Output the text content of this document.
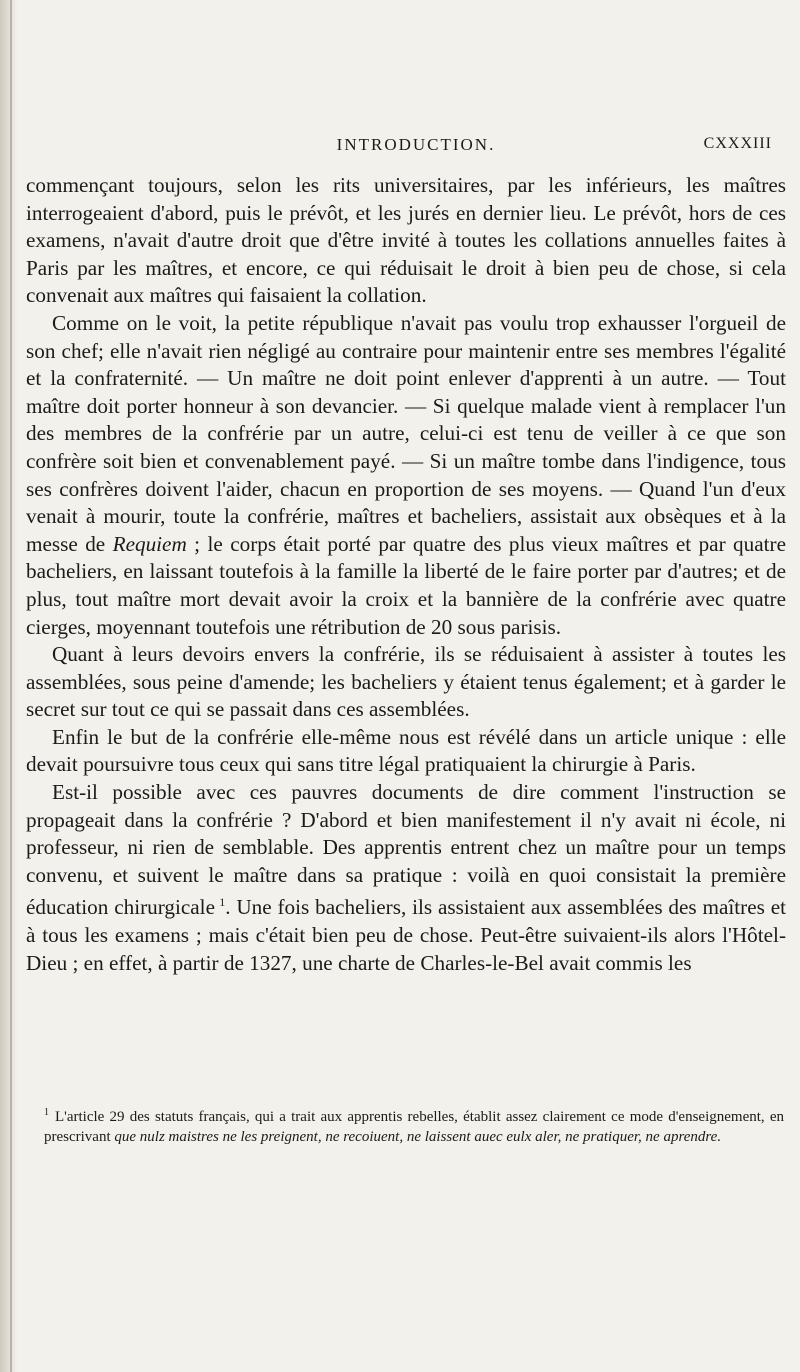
INTRODUCTION.	CXXXIII

commençant toujours, selon les rits universitaires, par les inférieurs, les maîtres interrogeaient d'abord, puis le prévôt, et les jurés en dernier lieu. Le prévôt, hors de ces examens, n'avait d'autre droit que d'être invité à toutes les collations annuelles faites à Paris par les maîtres, et encore, ce qui réduisait le droit à bien peu de chose, si cela convenait aux maîtres qui faisaient la collation.

Comme on le voit, la petite république n'avait pas voulu trop exhausser l'orgueil de son chef; elle n'avait rien négligé au contraire pour maintenir entre ses membres l'égalité et la confraternité. — Un maître ne doit point enlever d'apprenti à un autre. — Tout maître doit porter honneur à son devancier. — Si quelque malade vient à remplacer l'un des membres de la confrérie par un autre, celui-ci est tenu de veiller à ce que son confrère soit bien et convenablement payé. — Si un maître tombe dans l'indigence, tous ses confrères doivent l'aider, chacun en proportion de ses moyens. — Quand l'un d'eux venait à mourir, toute la confrérie, maîtres et bacheliers, assistait aux obsèques et à la messe de Requiem ; le corps était porté par quatre des plus vieux maîtres et par quatre bacheliers, en laissant toutefois à la famille la liberté de le faire porter par d'autres; et de plus, tout maître mort devait avoir la croix et la bannière de la confrérie avec quatre cierges, moyennant toutefois une rétribution de 20 sous parisis.

Quant à leurs devoirs envers la confrérie, ils se réduisaient à assister à toutes les assemblées, sous peine d'amende; les bacheliers y étaient tenus également; et à garder le secret sur tout ce qui se passait dans ces assemblées.

Enfin le but de la confrérie elle-même nous est révélé dans un article unique : elle devait poursuivre tous ceux qui sans titre légal pratiquaient la chirurgie à Paris.

Est-il possible avec ces pauvres documents de dire comment l'instruction se propageait dans la confrérie ? D'abord et bien manifestement il n'y avait ni école, ni professeur, ni rien de semblable. Des apprentis entrent chez un maître pour un temps convenu, et suivent le maître dans sa pratique : voilà en quoi consistait la première éducation chirurgicale  $^1$. Une fois bacheliers, ils assistaient aux assemblées des maîtres et à tous les examens ; mais c'était bien peu de chose. Peut-être suivaient-ils alors l'Hôtel-Dieu ; en effet, à partir de 1327, une charte de Charles-le-Bel avait commis les

$^1$ L'article 29 des statuts français, qui a trait aux apprentis rebelles, établit assez clairement ce mode d'enseignement, en prescrivant que nulz maistres ne les preignent, ne recoiuent, ne laissent auec eulx aler, ne pratiquer, ne aprendre.
